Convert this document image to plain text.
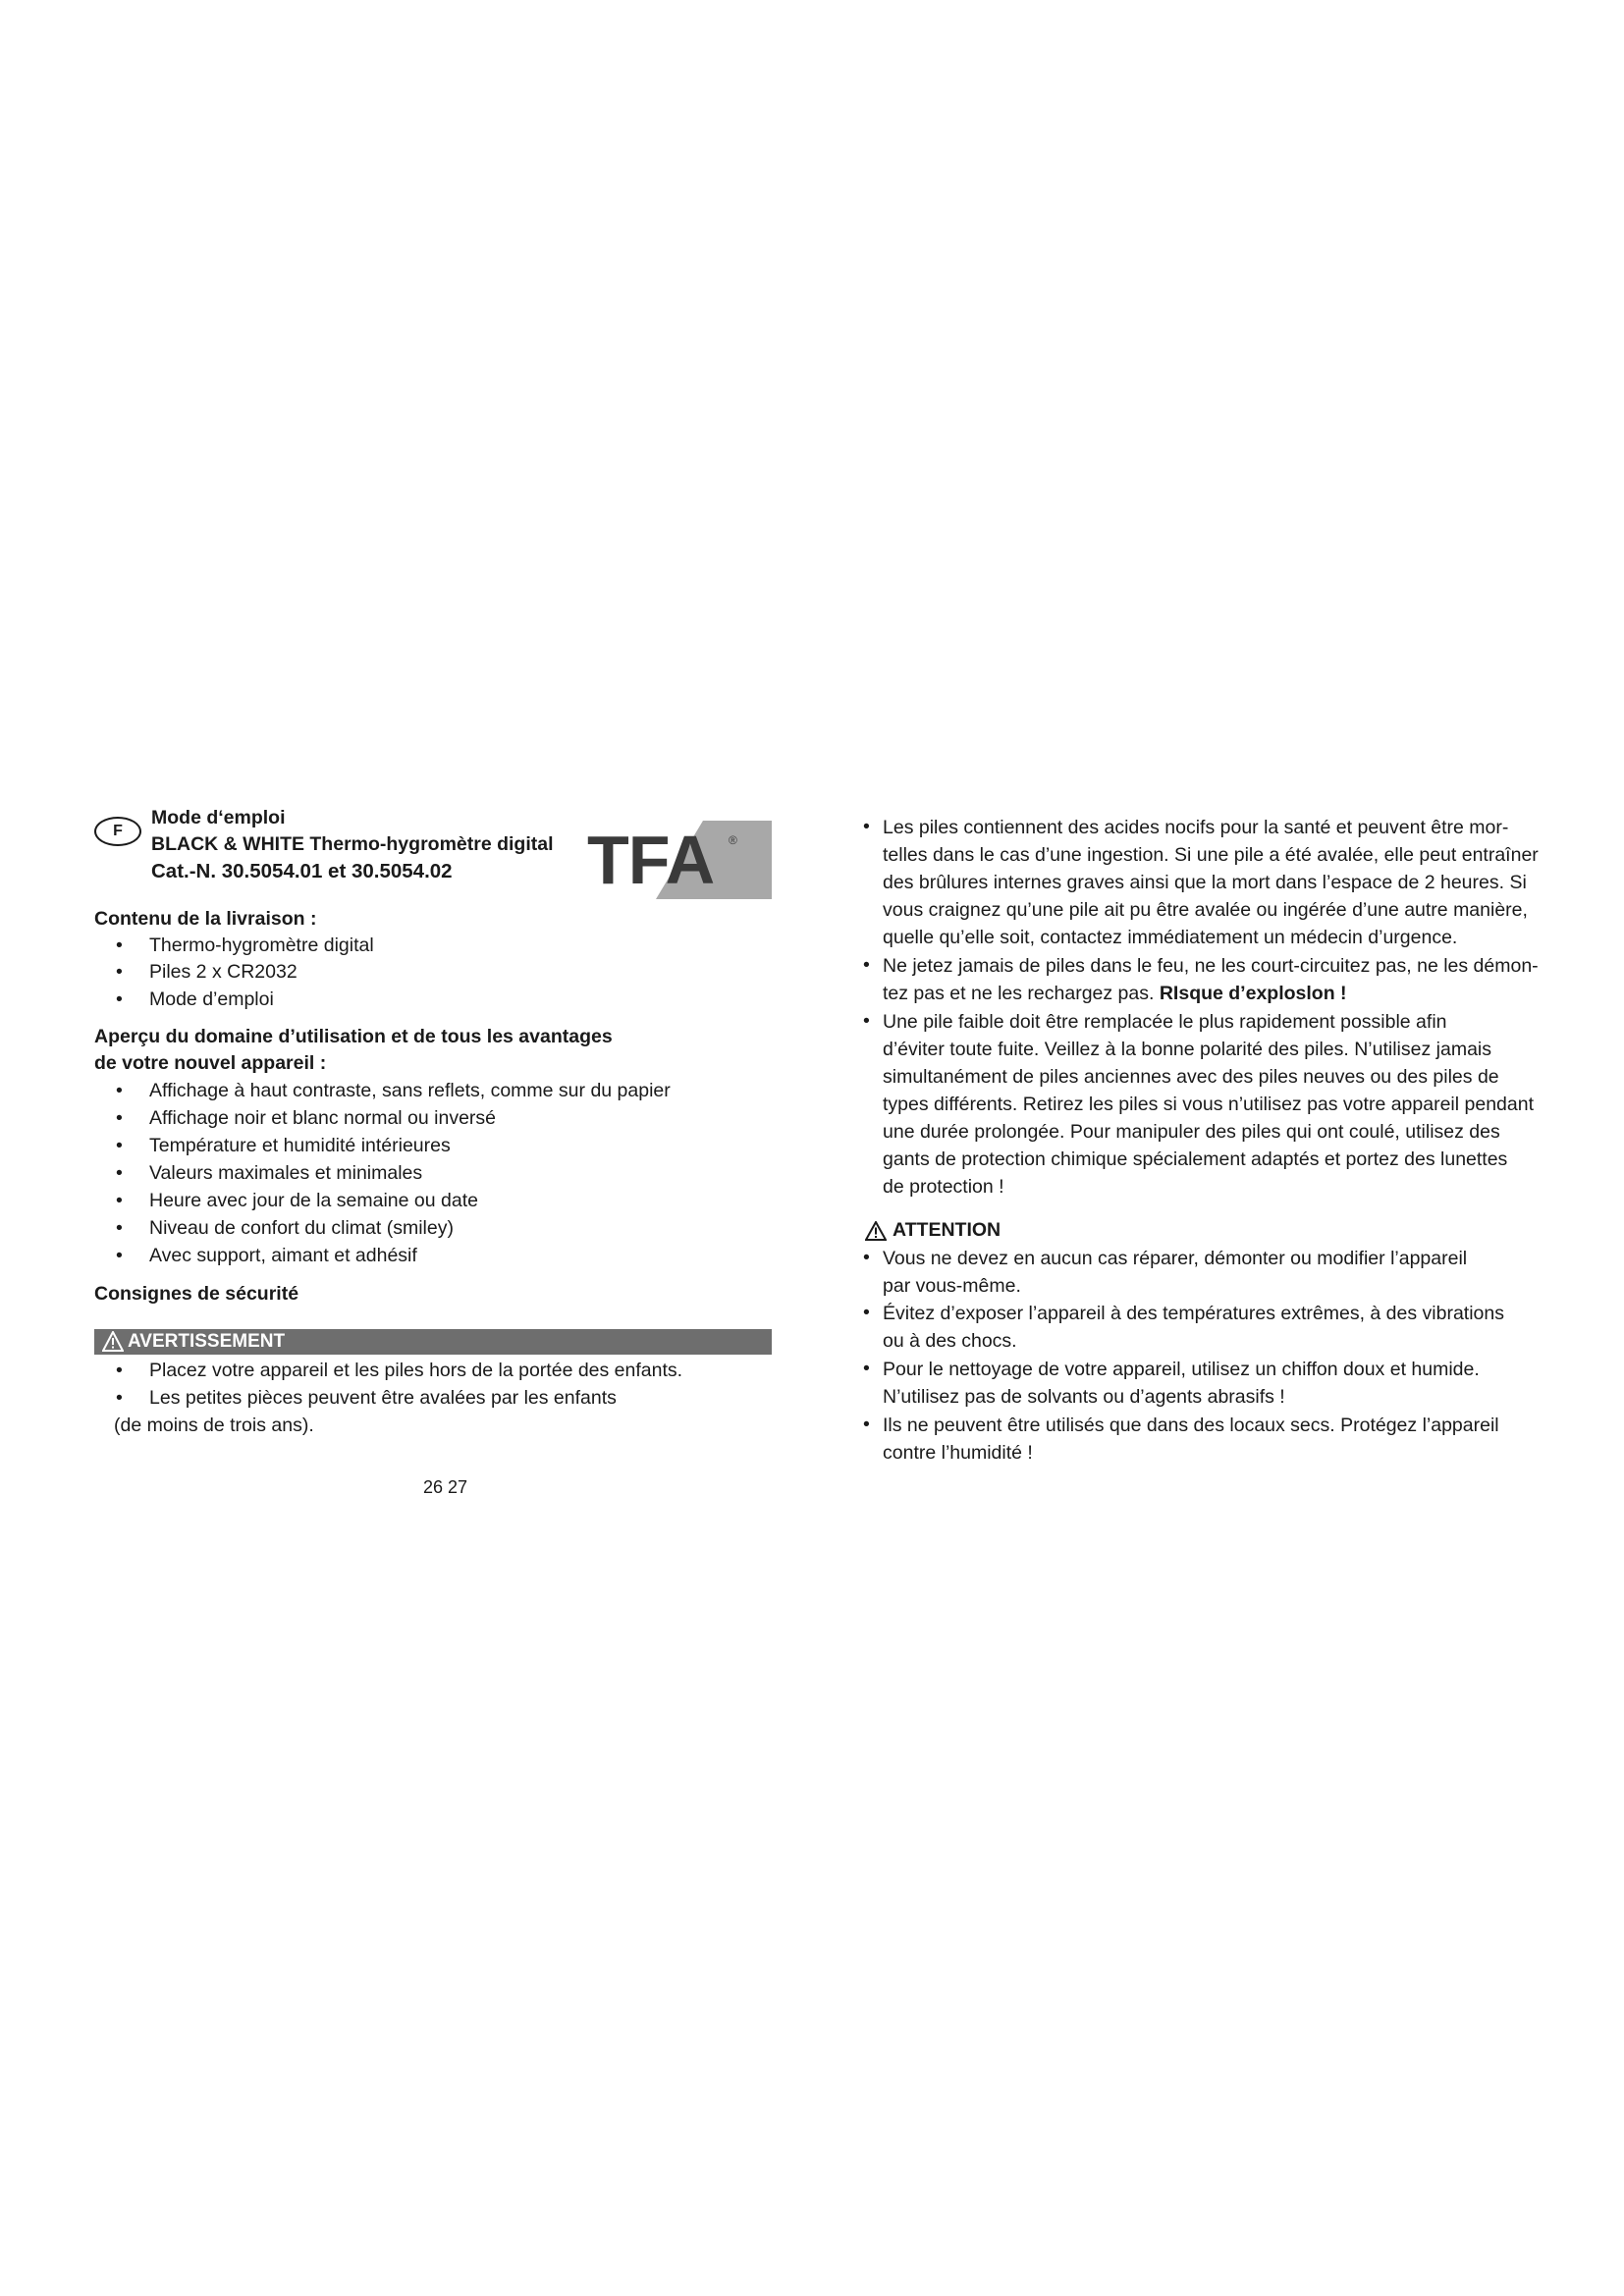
F
Mode d‘emploi
BLACK & WHITE Thermo-hygromètre digital
Cat.-N. 30.5054.01 et 30.5054.02 TFA ®
Contenu de la livraison :
• Thermo-hygromètre digital
• Piles 2 x CR2032
• Mode d’emploi
Aperçu du domaine d’utilisation et de tous les avantages
de votre nouvel appareil :
• Affichage à haut contraste, sans reflets, comme sur du papier
• Affichage noir et blanc normal ou inversé
• Température et humidité intérieures
• Valeurs maximales et minimales
• Heure avec jour de la semaine ou date
• Niveau de confort du climat (smiley)
• Avec support, aimant et adhésif
Consignes de sécurité
AVERTISSEMENT
• Placez votre appareil et les piles hors de la portée des enfants.
• Les petites pièces peuvent être avalées par les enfants
(de moins de trois ans).
26 27
• Les piles contiennent des acides nocifs pour la santé et peuvent être mor-
telles dans le cas d’une ingestion. Si une pile a été avalée, elle peut entraîner
des brûlures internes graves ainsi que la mort dans l’espace de 2 heures. Si
vous craignez qu’une pile ait pu être avalée ou ingérée d’une autre manière,
quelle qu’elle soit, contactez immédiatement un médecin d’urgence.
• Ne jetez jamais de piles dans le feu, ne les court-circuitez pas, ne les démon-
tez pas et ne les rechargez pas. RIsque d’exploslon !
• Une pile faible doit être remplacée le plus rapidement possible afin
d’éviter toute fuite. Veillez à la bonne polarité des piles. N’utilisez jamais
simultanément de piles anciennes avec des piles neuves ou des piles de
types différents. Retirez les piles si vous n’utilisez pas votre appareil pendant
une durée prolongée. Pour manipuler des piles qui ont coulé, utilisez des
gants de protection chimique spécialement adaptés et portez des lunettes
de protection !
ATTENTION
• Vous ne devez en aucun cas réparer, démonter ou modifier l’appareil
par vous-même.
• Évitez d’exposer l’appareil à des températures extrêmes, à des vibrations
ou à des chocs.
• Pour le nettoyage de votre appareil, utilisez un chiffon doux et humide.
N’utilisez pas de solvants ou d’agents abrasifs !
• Ils ne peuvent être utilisés que dans des locaux secs. Protégez l’appareil
contre l’humidité !
